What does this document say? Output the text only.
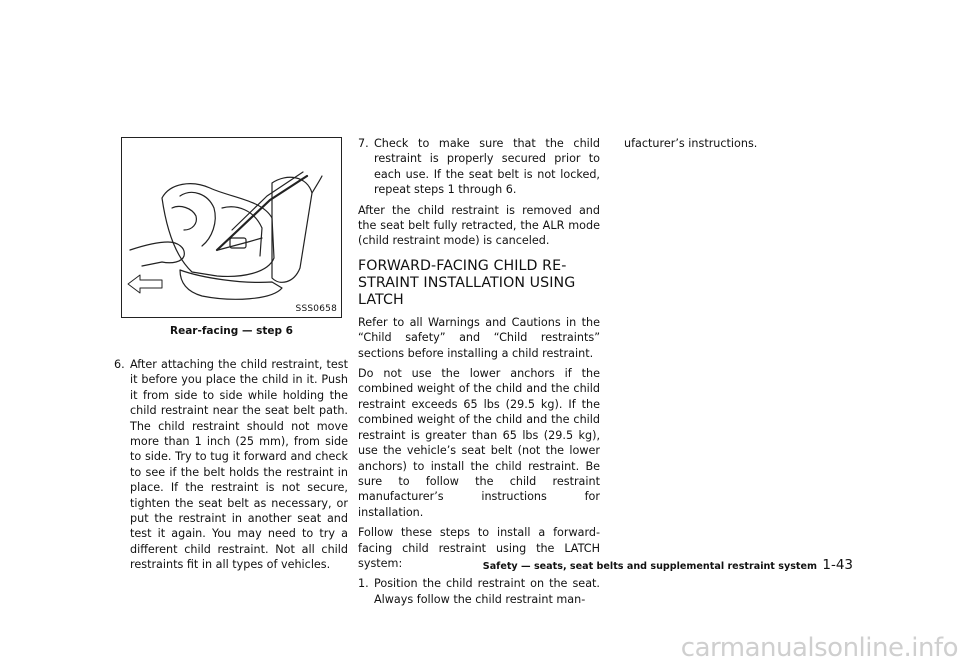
SSS0658
Rear-facing — step 6
6. After attaching the child restraint, test it before you place the child in it. Push it from side to side while holding the child restraint near the seat belt path. The child restraint should not move more than 1 inch (25 mm), from side to side. Try to tug it forward and check to see if the belt holds the restraint in place. If the restraint is not secure, tighten the seat belt as necessary, or put the restraint in another seat and test it again. You may need to try a different child restraint. Not all child restraints fit in all types of vehicles.
7. Check to make sure that the child restraint is properly secured prior to each use. If the seat belt is not locked, repeat steps 1 through 6.

After the child restraint is removed and the seat belt fully retracted, the ALR mode (child restraint mode) is canceled.

FORWARD-FACING CHILD RE-STRAINT INSTALLATION USING LATCH

Refer to all Warnings and Cautions in the “Child safety” and “Child restraints” sections before installing a child restraint.

Do not use the lower anchors if the combined weight of the child and the child restraint exceeds 65 lbs (29.5 kg). If the combined weight of the child and the child restraint is greater than 65 lbs (29.5 kg), use the vehicle’s seat belt (not the lower anchors) to install the child restraint. Be sure to follow the child restraint manufacturer’s instructions for installation.

Follow these steps to install a forward-facing child restraint using the LATCH system:

1. Position the child restraint on the seat. Always follow the child restraint man-
ufacturer’s instructions.
Safety — seats, seat belts and supplemental restraint system 1-43
carmanualsonline.info
